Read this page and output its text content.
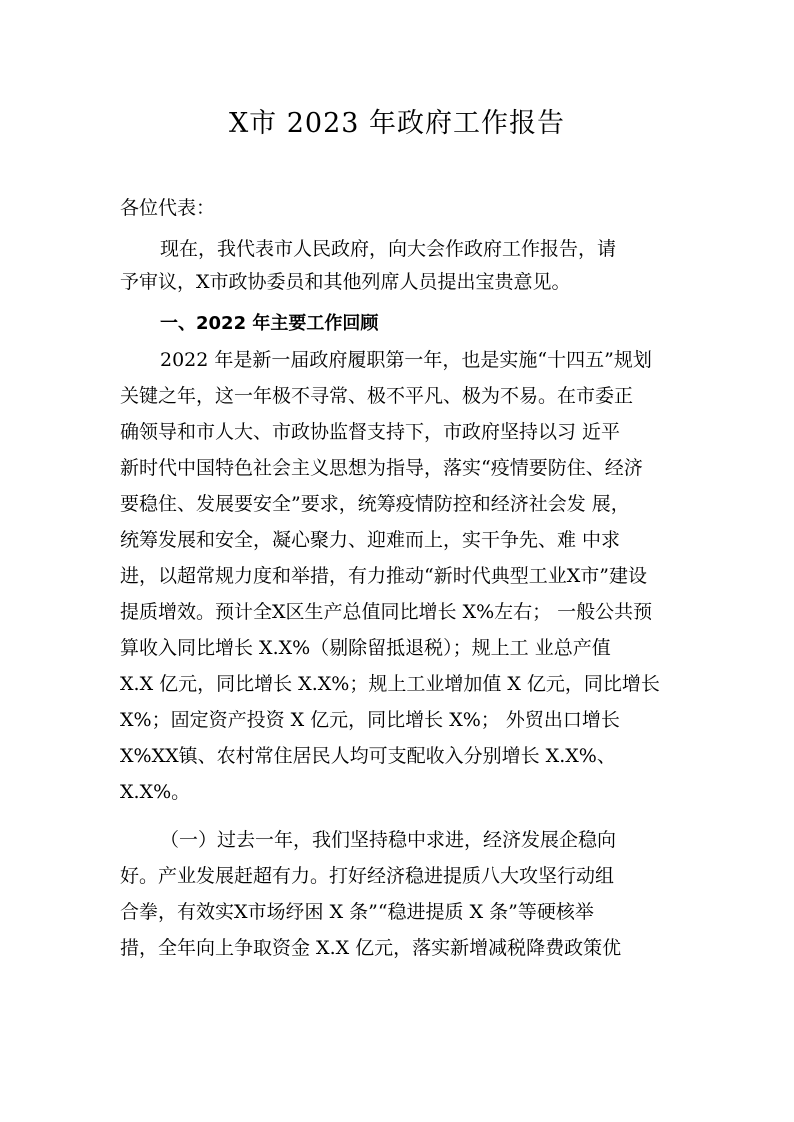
X市 2023 年政府工作报告
各位代表：
现在，我代表市人民政府，向大会作政府工作报告，请
予审议，X市政协委员和其他列席人员提出宝贵意见。
一、2022 年主要工作回顾
2022 年是新一届政府履职第一年，也是实施“十四五”规划
关键之年，这一年极不寻常、极不平凡、极为不易。在市委正
确领导和市人大、市政协监督支持下，市政府坚持以习 近平
新时代中国特色社会主义思想为指导，落实“疫情要防住、经济
要稳住、发展要安全”要求，统筹疫情防控和经济社会发 展，
统筹发展和安全，凝心聚力、迎难而上，实干争先、难 中求
进，以超常规力度和举措，有力推动“新时代典型工业X市”建设
提质增效。预计全X区生产总值同比增长 X%左右； 一般公共预
算收入同比增长 X.X%（剔除留抵退税）；规上工 业总产值
X.X 亿元，同比增长 X.X%；规上工业增加值 X 亿元，同比增长
X%；固定资产投资 X 亿元，同比增长 X%； 外贸出口增长
X%XX镇、农村常住居民人均可支配收入分别增长 X.X%、
X.X%。
（一）过去一年，我们坚持稳中求进，经济发展企稳向
好。产业发展赶超有力。打好经济稳进提质八大攻坚行动组
合拳，有效实X市场纾困 X 条”“稳进提质 X 条”等硬核举
措，全年向上争取资金 X.X 亿元，落实新增减税降费政策优
